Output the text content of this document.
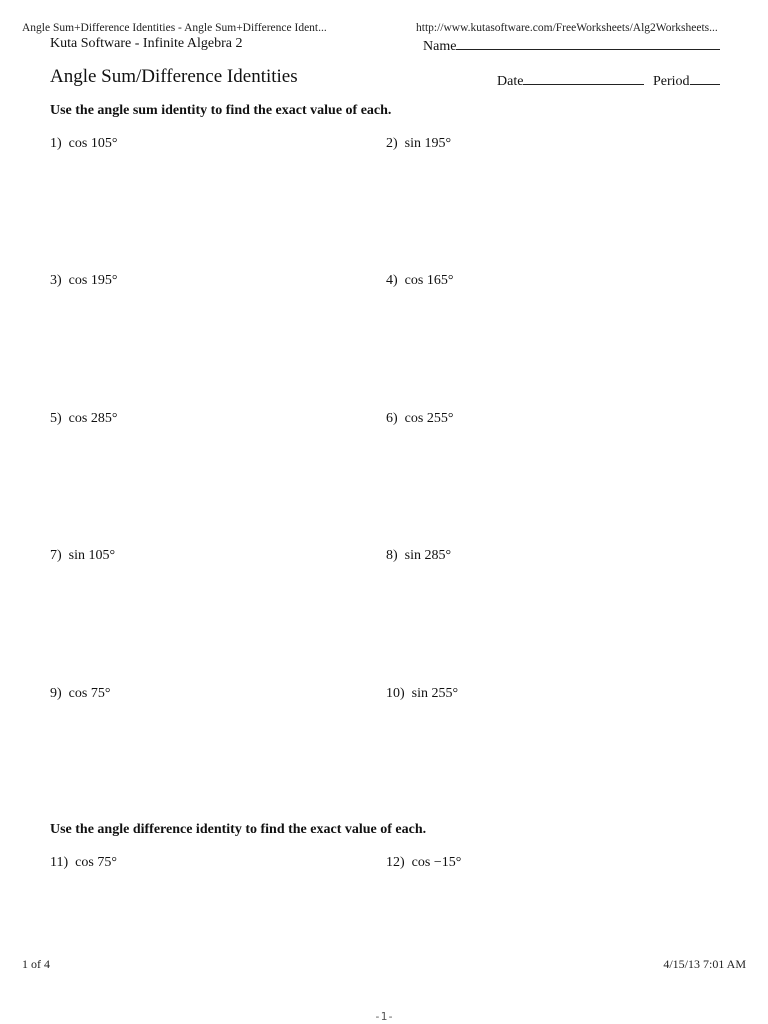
Angle Sum+Difference Identities - Angle Sum+Difference Ident...	http://www.kutasoftware.com/FreeWorksheets/Alg2Worksheets...
Kuta Software - Infinite Algebra 2	Name
Angle Sum/Difference Identities	Date	Period
Use the angle sum identity to find the exact value of each.
1) cos 105°	2) sin 195°
3) cos 195°	4) cos 165°
5) cos 285°	6) cos 255°
7) sin 105°	8) sin 285°
9) cos 75°	10) sin 255°
Use the angle difference identity to find the exact value of each.
11) cos 75°	12) cos −15°
1 of 4	4/15/13 7:01 AM
-1-
